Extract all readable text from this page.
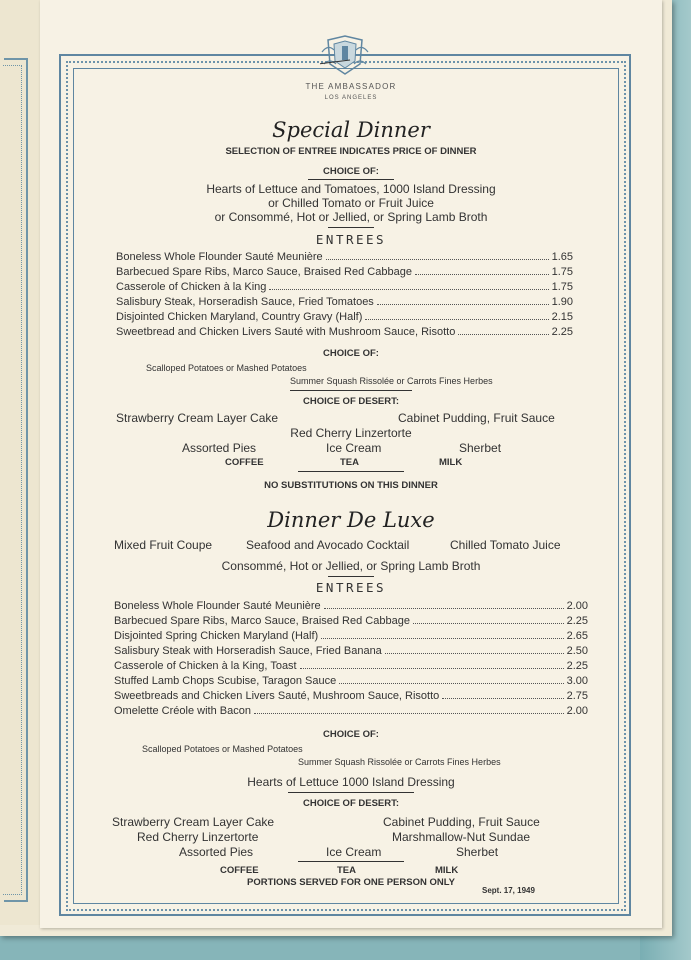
THE AMBASSADOR
LOS ANGELES
Special Dinner
SELECTION OF ENTREE INDICATES PRICE OF DINNER
CHOICE OF:
Hearts of Lettuce and Tomatoes, 1000 Island Dressing
or Chilled Tomato or Fruit Juice
or Consommé, Hot or Jellied, or Spring Lamb Broth
ENTREES
Boneless Whole Flounder Sauté Meunière	1.65
Barbecued Spare Ribs, Marco Sauce, Braised Red Cabbage	1.75
Casserole of Chicken à la King	1.75
Salisbury Steak, Horseradish Sauce, Fried Tomatoes	1.90
Disjointed Chicken Maryland, Country Gravy (Half)	2.15
Sweetbread and Chicken Livers Sauté with Mushroom Sauce, Risotto	2.25
CHOICE OF:
Scalloped Potatoes or Mashed Potatoes
Summer Squash Rissolée or Carrots Fines Herbes
CHOICE OF DESERT:
Strawberry Cream Layer Cake	Cabinet Pudding, Fruit Sauce
Red Cherry Linzertorte
Assorted Pies	Ice Cream	Sherbet
COFFEE	TEA	MILK
NO SUBSTITUTIONS ON THIS DINNER
Dinner De Luxe
Mixed Fruit Coupe	Seafood and Avocado Cocktail	Chilled Tomato Juice
Consommé, Hot or Jellied, or Spring Lamb Broth
ENTREES
Boneless Whole Flounder Sauté Meunière	2.00
Barbecued Spare Ribs, Marco Sauce, Braised Red Cabbage	2.25
Disjointed Spring Chicken Maryland (Half)	2.65
Salisbury Steak with Horseradish Sauce, Fried Banana	2.50
Casserole of Chicken à la King, Toast	2.25
Stuffed Lamb Chops Scubise, Taragon Sauce	3.00
Sweetbreads and Chicken Livers Sauté, Mushroom Sauce, Risotto	2.75
Omelette Créole with Bacon	2.00
CHOICE OF:
Scalloped Potatoes or Mashed Potatoes
Summer Squash Rissolée or Carrots Fines Herbes
Hearts of Lettuce 1000 Island Dressing
CHOICE OF DESERT:
Strawberry Cream Layer Cake	Cabinet Pudding, Fruit Sauce
Red Cherry Linzertorte	Marshmallow-Nut Sundae
Assorted Pies	Ice Cream	Sherbet
COFFEE	TEA	MILK
PORTIONS SERVED FOR ONE PERSON ONLY
Sept. 17, 1949
